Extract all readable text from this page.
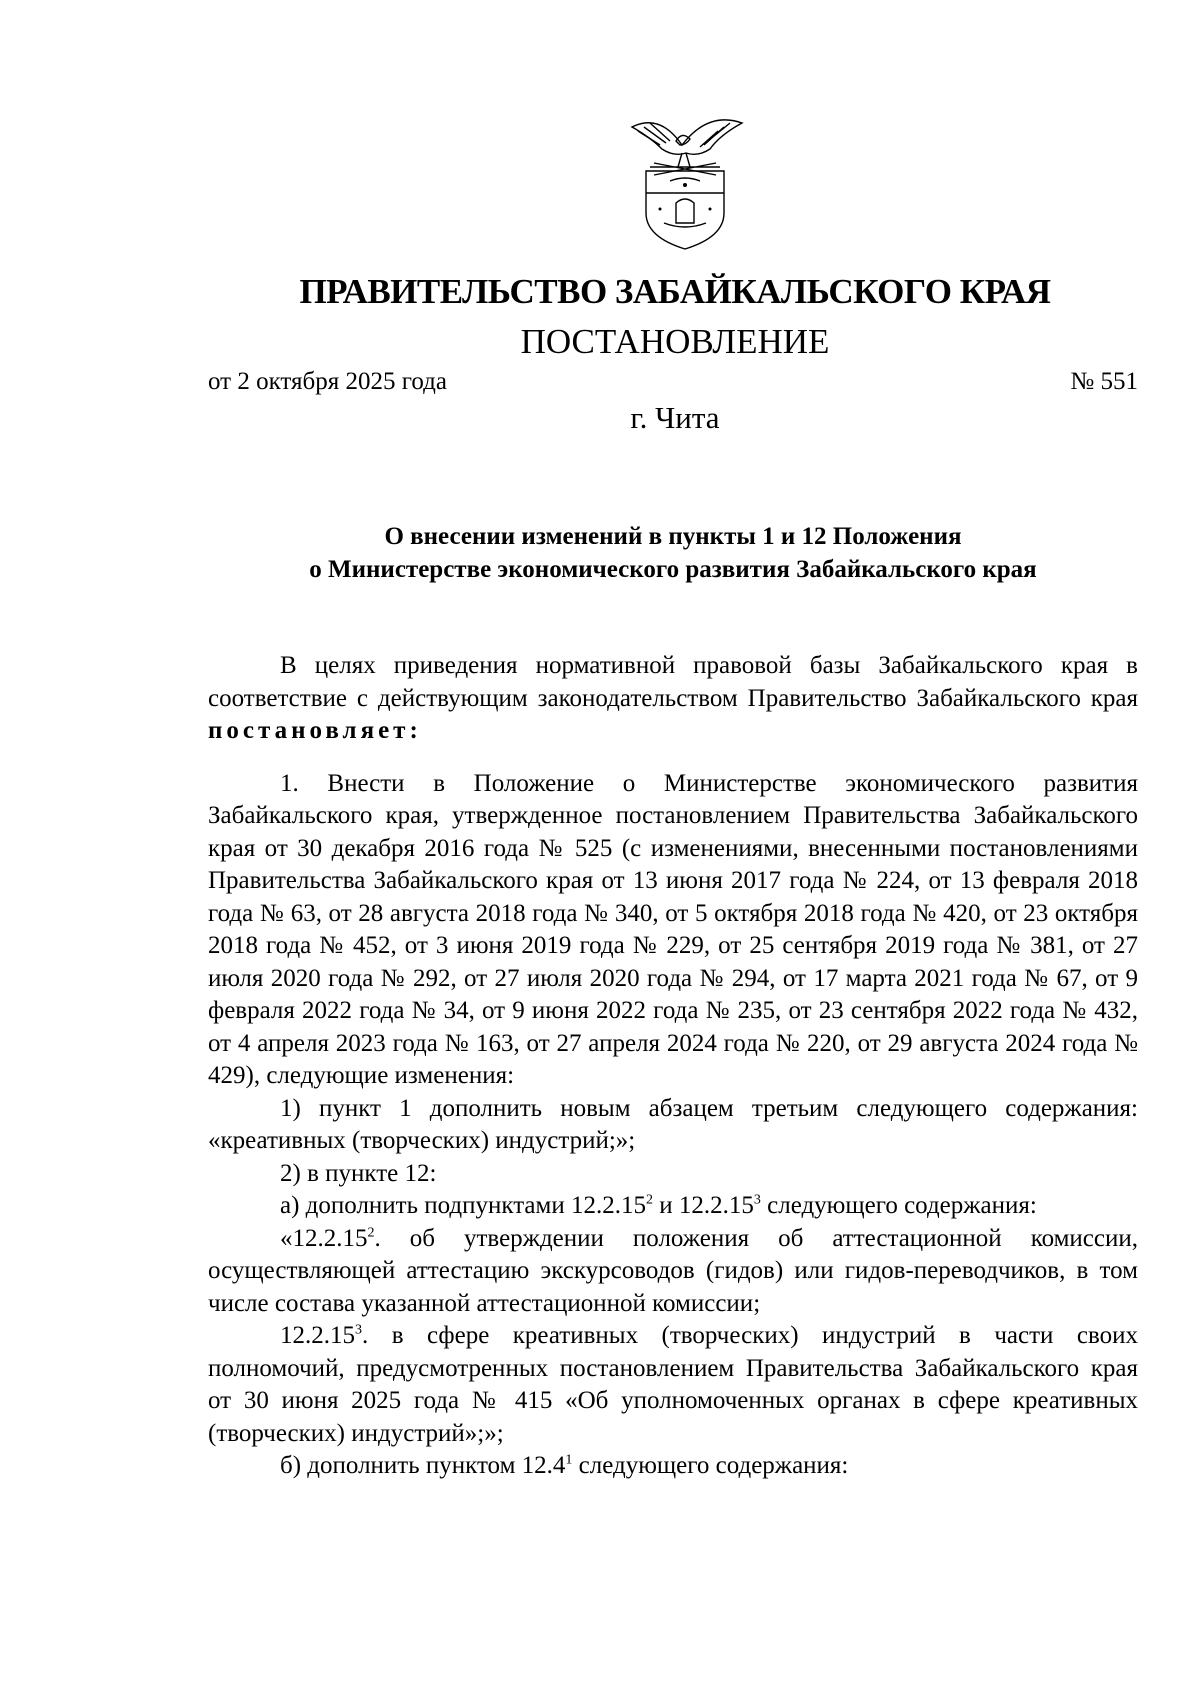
ПРАВИТЕЛЬСТВО ЗАБАЙКАЛЬСКОГО КРАЯ
ПОСТАНОВЛЕНИЕ
от 2 октября 2025 года	№ 551
г. Чита
О внесении изменений в пункты 1 и 12 Положения
о Министерстве экономического развития Забайкальского края

В целях приведения нормативной правовой базы Забайкальского края в соответствие с действующим законодательством Правительство Забайкальского края постановляет:

1. Внести в Положение о Министерстве экономического развития Забайкальского края, утвержденное постановлением Правительства Забайкальского края от 30 декабря 2016 года № 525 (с изменениями, внесенными постановлениями Правительства Забайкальского края от 13 июня 2017 года № 224, от 13 февраля 2018 года № 63, от 28 августа 2018 года № 340, от 5 октября 2018 года № 420, от 23 октября 2018 года № 452, от 3 июня 2019 года № 229, от 25 сентября 2019 года № 381, от 27 июля 2020 года № 292, от 27 июля 2020 года № 294, от 17 марта 2021 года № 67, от 9 февраля 2022 года № 34, от 9 июня 2022 года № 235, от 23 сентября 2022 года № 432, от 4 апреля 2023 года № 163, от 27 апреля 2024 года № 220, от 29 августа 2024 года № 429), следующие изменения:

1) пункт 1 дополнить новым абзацем третьим следующего содержания: «креативных (творческих) индустрий;»;

2) в пункте 12:

а) дополнить подпунктами 12.2.15$^2$ и 12.2.15$^3$ следующего содержания:

«12.2.15$^2$. об утверждении положения об аттестационной комиссии, осуществляющей аттестацию экскурсоводов (гидов) или гидов-переводчиков, в том числе состава указанной аттестационной комиссии;

12.2.15$^3$. в сфере креативных (творческих) индустрий в части своих полномочий, предусмотренных постановлением Правительства Забайкальского края от 30 июня 2025 года № 415 «Об уполномоченных органах в сфере креативных (творческих) индустрий»;»;

б) дополнить пунктом 12.4$^1$ следующего содержания:
